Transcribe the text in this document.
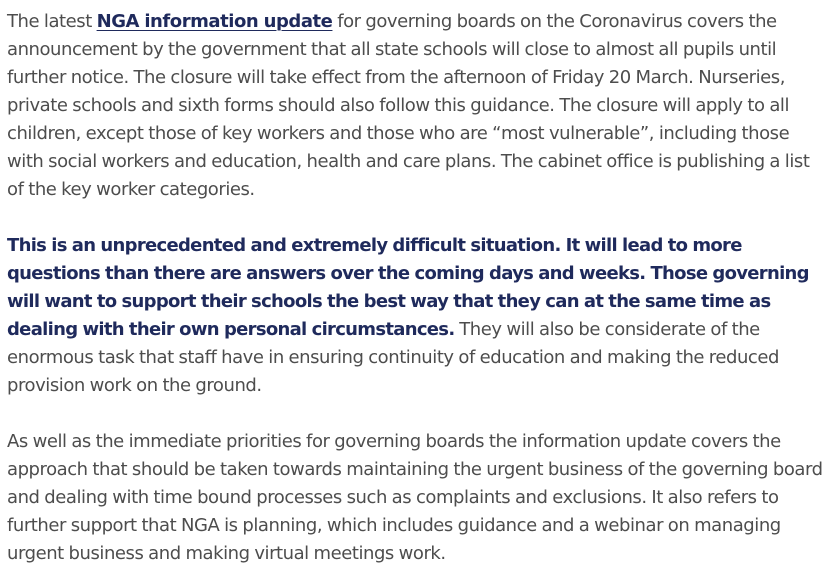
The latest NGA information update for governing boards on the Coronavirus covers the announcement by the government that all state schools will close to almost all pupils until further notice. The closure will take effect from the afternoon of Friday 20 March. Nurseries, private schools and sixth forms should also follow this guidance. The closure will apply to all children, except those of key workers and those who are “most vulnerable”, including those with social workers and education, health and care plans. The cabinet office is publishing a list of the key worker categories.

This is an unprecedented and extremely difficult situation. It will lead to more questions than there are answers over the coming days and weeks. Those governing will want to support their schools the best way that they can at the same time as dealing with their own personal circumstances. They will also be considerate of the enormous task that staff have in ensuring continuity of education and making the reduced provision work on the ground.

As well as the immediate priorities for governing boards the information update covers the approach that should be taken towards maintaining the urgent business of the governing board and dealing with time bound processes such as complaints and exclusions. It also refers to further support that NGA is planning, which includes guidance and a webinar on managing urgent business and making virtual meetings work.
